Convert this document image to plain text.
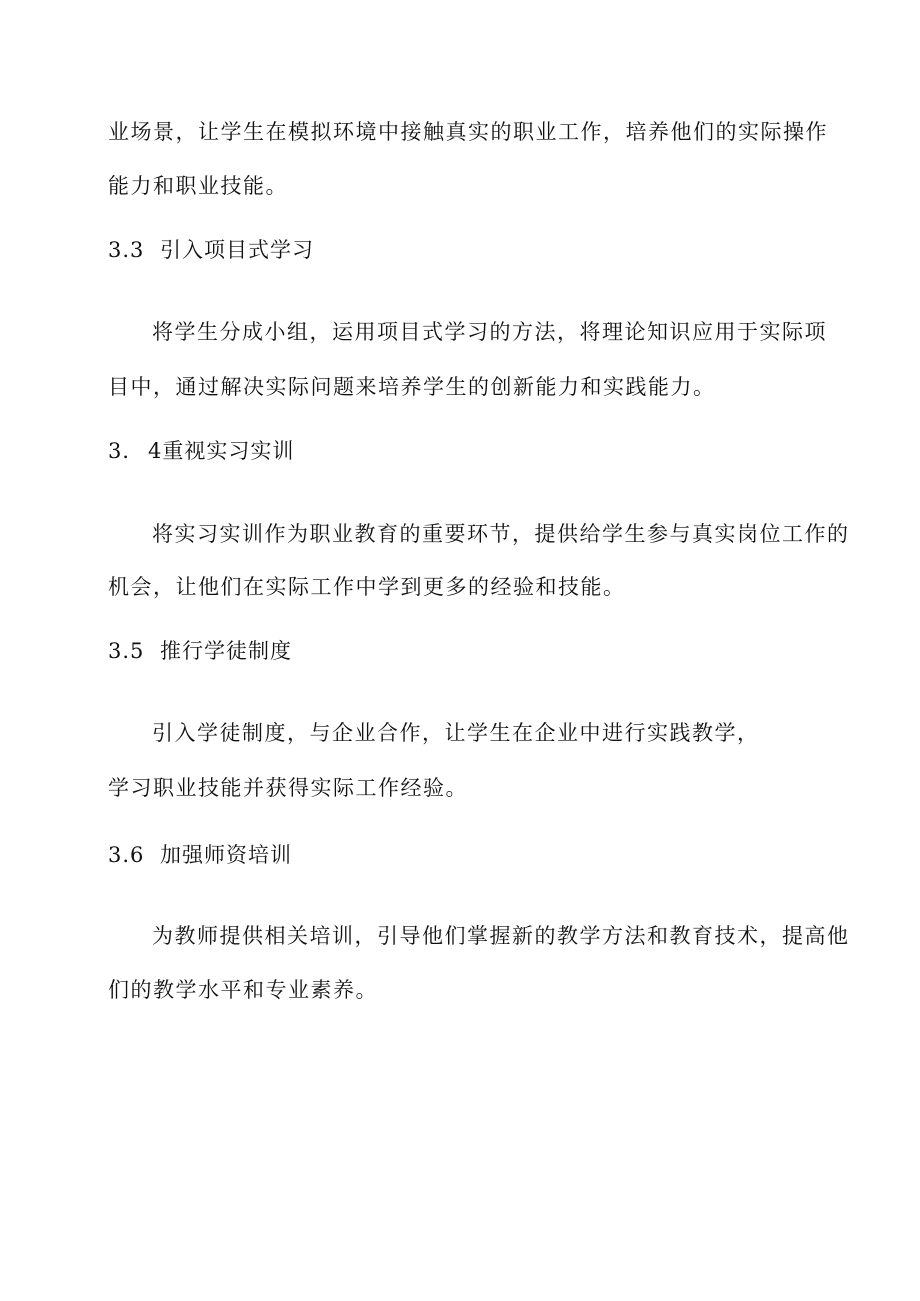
业场景，让学生在模拟环境中接触真实的职业工作，培养他们的实际操作
能力和职业技能。
3.3 引入项目式学习
将学生分成小组，运用项目式学习的方法，将理论知识应用于实际项
目中，通过解决实际问题来培养学生的创新能力和实践能力。
3． 4重视实习实训
将实习实训作为职业教育的重要环节，提供给学生参与真实岗位工作的
机会，让他们在实际工作中学到更多的经验和技能。
3.5 推行学徒制度
引入学徒制度，与企业合作，让学生在企业中进行实践教学，
学习职业技能并获得实际工作经验。
3.6 加强师资培训
为教师提供相关培训，引导他们掌握新的教学方法和教育技术，提高他
们的教学水平和专业素养。
